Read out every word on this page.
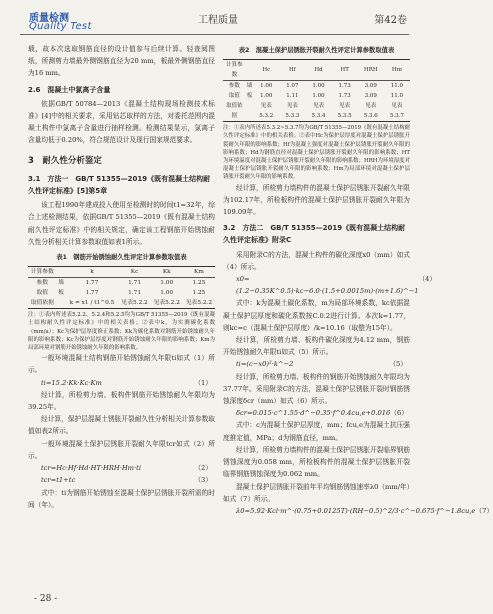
质量检测
Quality Test
工程质量	第42卷

载，故本次选取钢筋直径的设计值参与后续计算。轻查阅图纸，所测剪力墙最外侧钢筋直径为20 mm，板最外侧钢筋直径为16 mm。

2.6　混凝土中氯离子含量

依据GB/T 50784—2013《混凝土结构现场检测技术标准》[4]中的相关要求，采用钻芯取样的方法，对委托范围内混凝土构件中氯离子含量进行抽样检测。检测结果显示，氯离子含量均低于0.20%，符合规范设计及现行国家规范要求。

3　耐久性分析鉴定
3.1　方法一　GB/T 51355—2019《既有混凝土结构耐久性评定标准》[5]第5章

该工程1990年建成投入使用至检测时的时间t1=32年，综合上述检测结果，依据GB/T 51355—2019《既有混凝土结构耐久性评定标准》中的相关规定，确定该工程钢筋开始锈蚀耐久性分析相关计算参数取值如表1所示。

表1　钢筋开始锈蚀耐久性评定计算参数取值表
计算参数		k	Kc	Kk	Km
参数	墙	1.77	1.71	1.00	1.25
取值	板	1.77	1.71	1.00	1.25
取值依据		k = x1 / t1^0.5	见表5.2.2	见表5.2.2	见表5.2.2
注：①表内所述表5.2.2、5.2.4和5.2.5均为GB/T 51355—2019《既有混凝土结构耐久性评定标准》中的相关表格；②表中k，为实测碳化系数（mm/a）；Kc为保护层厚度修正系数；Kk为碳化系数对钢筋开始锈蚀耐久年限的影响系数；Kc为保护层厚度对钢筋开始锈蚀耐久年限的影响系数；Km为局部环境对钢筋开始锈蚀耐久年限的影响系数。

一般环境混凝土结构钢筋开始锈蚀耐久年限ti如式（1）所示。

ti=15.2·Kk·Kc·Km	（1）

经计算，所检剪力墙、板构件钢筋开始锈蚀耐久年限均为39.25年。

经计算，保护层混凝土锈胀开裂耐久性分析相关计算参数取值如表2所示。

一般环境混凝土保护层锈胀开裂耐久年限tcr如式（2）所示。

tcr=Hc·Hf·Hd·HT·HRH·Hm·ti	（2）
tcr=t1+tc	（3）

式中：ti为钢筋开始锈蚀至混凝土保护层锈胀开裂所需的时间（年）。

表2　混凝土保护层锈胀开裂耐久性评定计算参数取值表
计算参数		Hc	Hf	Hd	HT	HRH	Hm
参数	墙	1.00	1.07	1.00	1.73	3.09	11.0
取值	板	1.00	1.11	1.00	1.73	3.09	11.0
取值依据		见表5.3.2	见表5.3.3	见表5.3.4	见表5.3.5	见表5.3.6	见表5.3.7
注：①表内所述表5.3.2~5.3.7均为GB/T 51355—2019《既有混凝土结构耐久性评定标准》中的相关表格；②表中Hc为保护层厚度对混凝土保护层锈胀开裂耐久年限的影响系数；Hf为混凝土强度对混凝土保护层锈胀开裂耐久年限的影响系数；Hd为钢筋直径对混凝土保护层锈胀开裂耐久年限的影响系数；HT为环境温度对混凝土保护层锈胀开裂耐久年限的影响系数；HRH为环境湿度对混凝土保护层锈胀开裂耐久年限的影响系数；Hm为局部环境对混凝土保护层锈胀开裂耐久年限的影响系数。

经计算，所检剪力墙构件的混凝土保护层锈胀开裂耐久年限为102.17年，所检板构件的混凝土保护层锈胀开裂耐久年限为109.09年。

3.2　方法二　GB/T 51355—2019《既有混凝土结构耐久性评定标准》附录C

采用附录C的方法，混凝土构件的碳化深度x0（mm）如式（4）所示。

x0=(1.2−0.35K^0.5)·kc−6.0·(1.5+0.0015m)·(m+1.6)^−1
（4）

式中：k为混凝土碳化系数，m为局部环境系数，kc依据混凝土保护层厚度和碳化系数按C.0.2进行计算。本次k=1.77，则kc=c（混凝土保护层厚度）/k=10.16（取整为15年）。

经计算，所检剪力墙、板构件碳化深度为4.12 mm，钢筋开始锈蚀耐久年限ti如式（5）所示。

ti=(c−x0)²·k^−2	（5）

经计算，所检剪力墙、板构件的钢筋开始锈蚀耐久年限均为37.77年。采用附录C的方法，混凝土保护层锈胀开裂时钢筋锈蚀深度δcr（mm）如式（6）所示。

δcr=0.015·c^1.55·d^−0.35·f^0.4cu,e+0.016 （6）

式中：c为混凝土保护层厚度，mm；fcu,e为混凝土抗压强度推定值，MPa；d为钢筋直径，mm。

经计算，所检剪力墙构件的混凝土保护层锈胀开裂临界钢筋锈蚀深度为0.058 mm，所检板构件的混凝土保护层锈胀开裂临界钢筋锈蚀深度为0.062 mm。

混凝土保护层锈胀开裂前年平均钢筋锈蚀速率λ0（mm/年）如式（7）所示。

λ0=5.92·Kcl·m^·(0.75+0.0125T)·(RH−0.5)^2/3·c^−0.675·f^−1.8cu,e （7）
- 28 -
